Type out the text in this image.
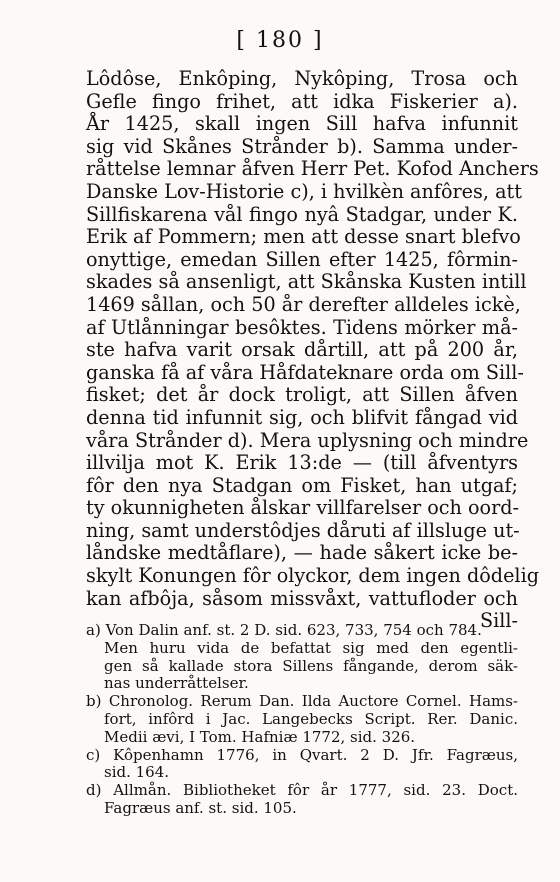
[ 180 ]
Lôdôse, Enkôping, Nykôping, Trosa och
Gefle fingo frihet, att idka Fiskerier a).
År 1425, skall ingen Sill hafva infunnit
sig vid Skånes Strånder b). Samma under-
råttelse lemnar åfven Herr Pet. Kofod Anchers
Danske Lov-Historie c), i hvilkèn anfôres, att
Sillfiskarena vål fingo nyâ Stadgar, under K.
Erik af Pommern; men att desse snart blefvo
onyttige, emedan Sillen efter 1425, fôrmin-
skades så ansenligt, att Skånska Kusten intill
1469 sållan, och 50 år derefter alldeles ickè,
af Utlånningar besôktes. Tidens mörker må-
ste hafva varit orsak dårtill, att på 200 år,
ganska få af våra Håfdateknare orda om Sill-
fisket; det år dock troligt, att Sillen åfven
denna tid infunnit sig, och blifvit fångad vid
våra Strånder d). Mera uplysning och mindre
illvilja mot K. Erik 13:de — (till åfventyrs
fôr den nya Stadgan om Fisket, han utgaf;
ty okunnigheten ålskar villfarelser och oord-
ning, samt understôdjes dåruti af illsluge ut-
låndske medtåflare), — hade såkert icke be-
skylt Konungen fôr olyckor, dem ingen dôdelig
kan afbôja, såsom missvåxt, vattufloder och
Sill-
a) Von Dalin anf. st. 2 D. sid. 623, 733, 754 och 784.
Men huru vida de befattat sig med den egentli-
gen så kallade stora Sillens fångande, derom säk-
nas underråttelser.
b) Chronolog. Rerum Dan. Ilda Auctore Cornel. Hams-
fort, infôrd i Jac. Langebecks Script. Rer. Danic.
Medii ævi, I Tom. Hafniæ 1772, sid. 326.
c) Kôpenhamn 1776, in Qvart. 2 D. Jfr. Fagræus,
sid. 164.
d) Allmån. Bibliotheket fôr år 1777, sid. 23. Doct.
Fagræus anf. st. sid. 105.
